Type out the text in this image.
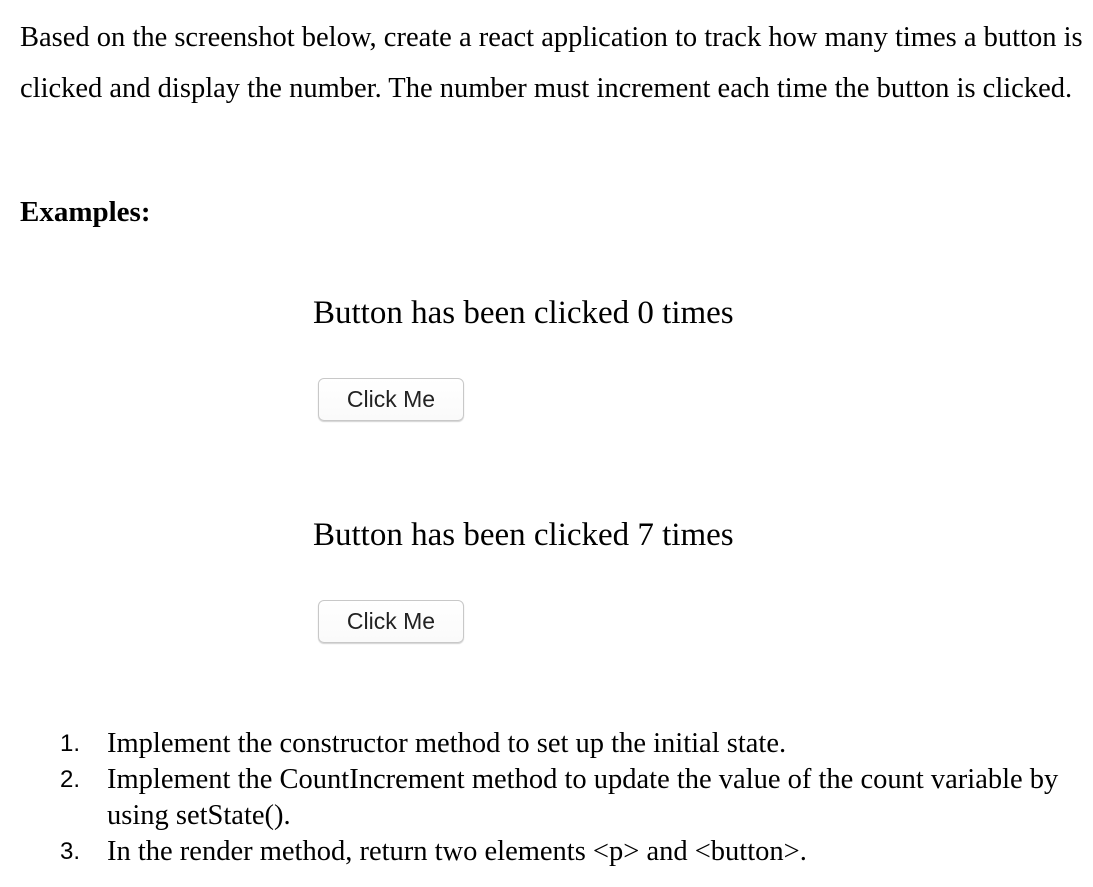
Based on the screenshot below, create a react application to track how many times a button is clicked and display the number. The number must increment each time the button is clicked.

Examples:

Button has been clicked 0 times

Click Me

Button has been clicked 7 times

Click Me
1. Implement the constructor method to set up the initial state.
2. Implement the CountIncrement method to update the value of the count variable by using setState().
3. In the render method, return two elements <p> and <button>.
